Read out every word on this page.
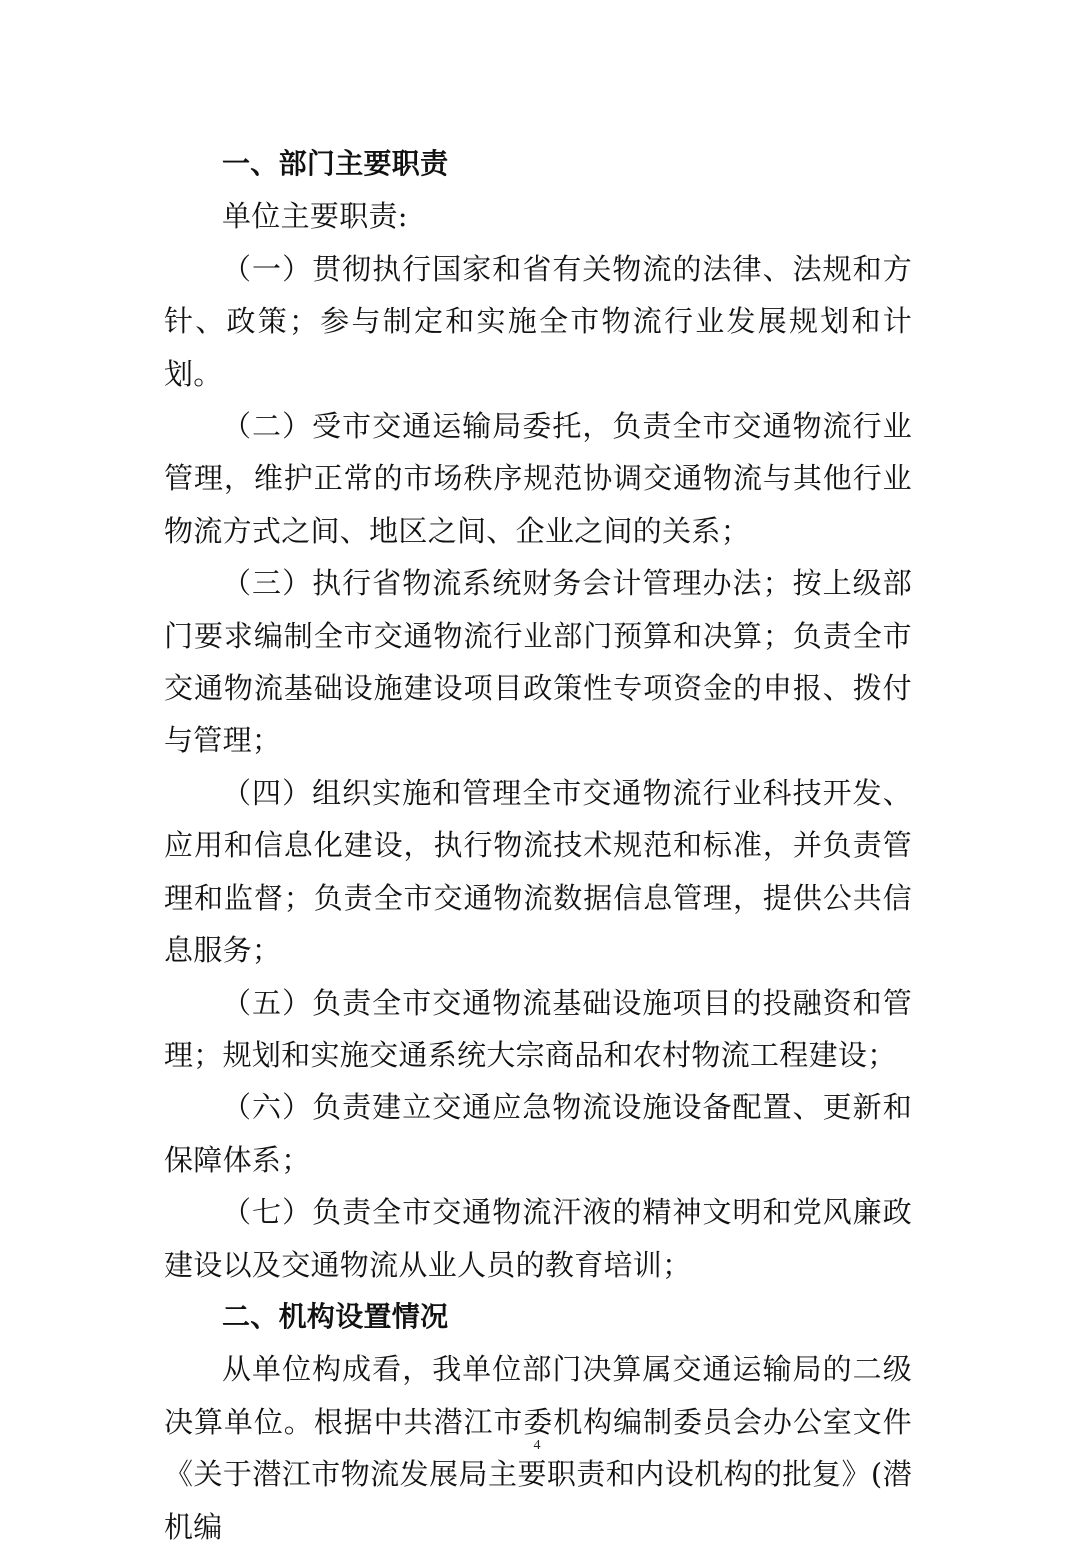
一、部门主要职责

单位主要职责:

（一）贯彻执行国家和省有关物流的法律、法规和方针、政策；参与制定和实施全市物流行业发展规划和计划。

（二）受市交通运输局委托，负责全市交通物流行业管理，维护正常的市场秩序规范协调交通物流与其他行业物流方式之间、地区之间、企业之间的关系；

（三）执行省物流系统财务会计管理办法；按上级部门要求编制全市交通物流行业部门预算和决算；负责全市交通物流基础设施建设项目政策性专项资金的申报、拨付与管理；

（四）组织实施和管理全市交通物流行业科技开发、应用和信息化建设，执行物流技术规范和标准，并负责管理和监督；负责全市交通物流数据信息管理，提供公共信息服务；

（五）负责全市交通物流基础设施项目的投融资和管理；规划和实施交通系统大宗商品和农村物流工程建设；

（六）负责建立交通应急物流设施设备配置、更新和保障体系；

（七）负责全市交通物流汗液的精神文明和党风廉政建设以及交通物流从业人员的教育培训；

二、机构设置情况

从单位构成看，我单位部门决算属交通运输局的二级决算单位。根据中共潜江市委机构编制委员会办公室文件《关于潜江市物流发展局主要职责和内设机构的批复》(潜机编

4
